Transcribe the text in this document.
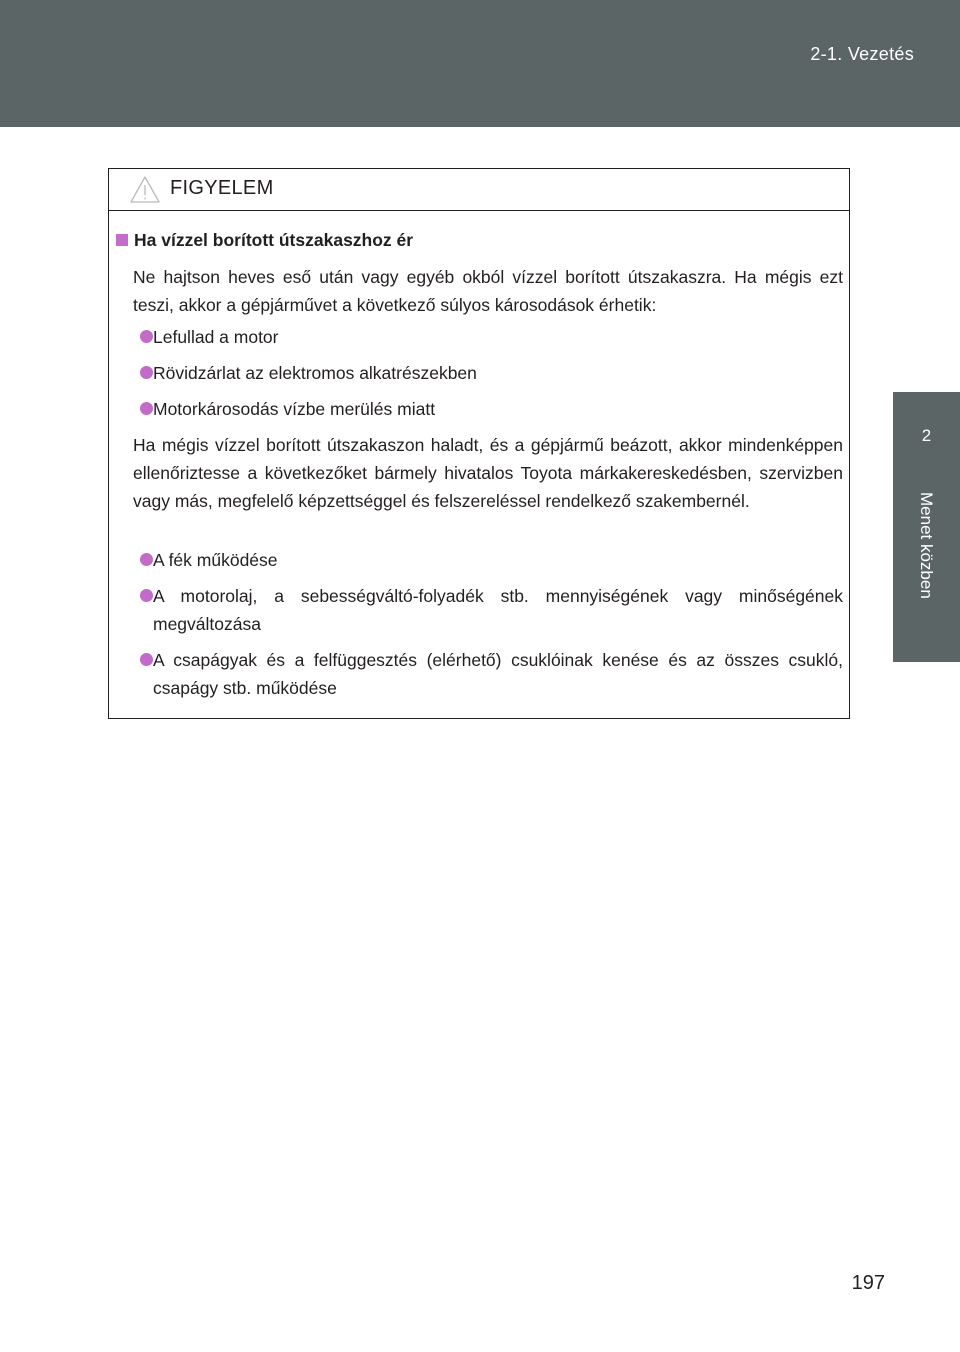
2-1. Vezetés
2
Menet közben
FIGYELEM
Ha vízzel borított útszakaszhoz ér
Ne hajtson heves eső után vagy egyéb okból vízzel borított útszakaszra. Ha mégis ezt teszi, akkor a gépjárművet a következő súlyos károsodások érhetik:
Lefullad a motor
Rövidzárlat az elektromos alkatrészekben
Motorkárosodás vízbe merülés miatt
Ha mégis vízzel borított útszakaszon haladt, és a gépjármű beázott, akkor mindenképpen ellenőriztesse a következőket bármely hivatalos Toyota márkakereskedésben, szervizben vagy más, megfelelő képzettséggel és felszereléssel rendelkező szakembernél.
A fék működése
A motorolaj, a sebességváltó-folyadék stb. mennyiségének vagy minőségének megváltozása
A csapágyak és a felfüggesztés (elérhető) csuklóinak kenése és az összes csukló, csapágy stb. működése
197
